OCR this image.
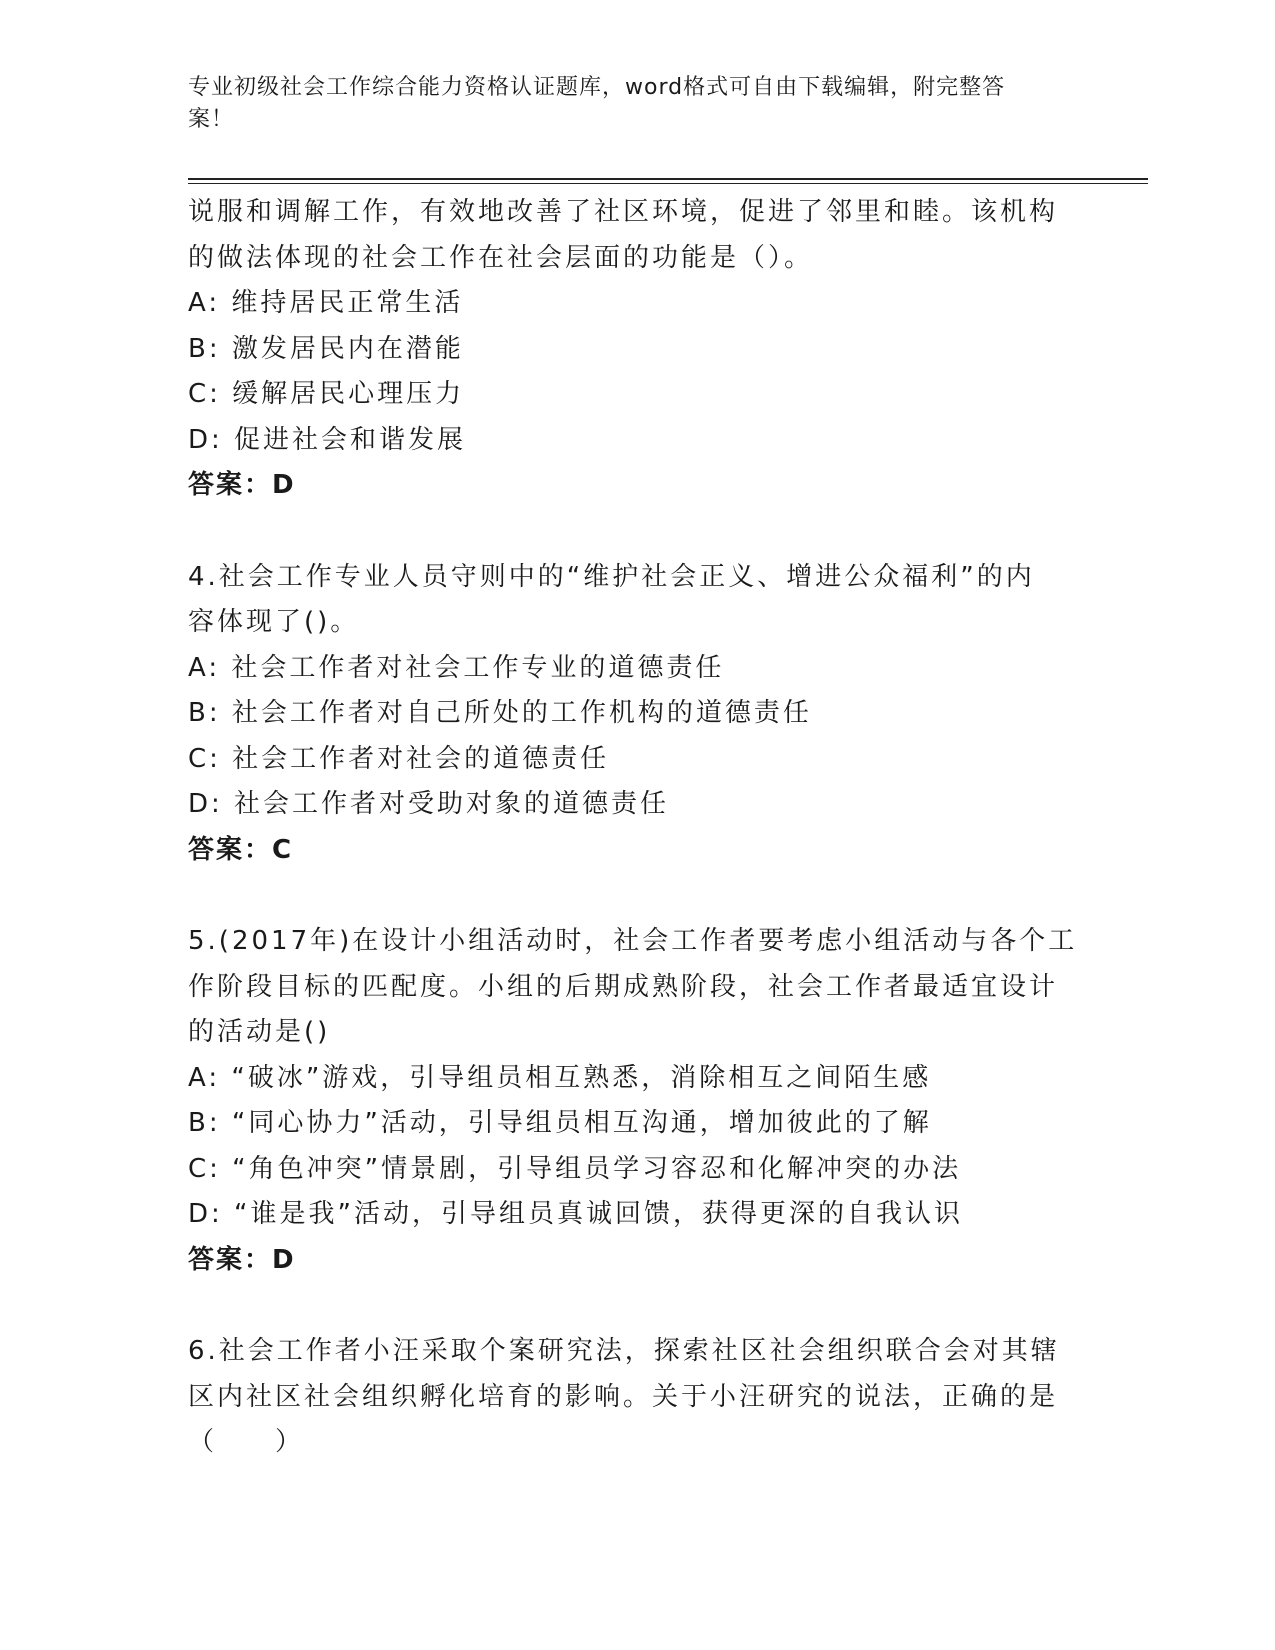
专业初级社会工作综合能力资格认证题库，word格式可自由下载编辑，附完整答
案！
说服和调解工作，有效地改善了社区环境，促进了邻里和睦。该机构
的做法体现的社会工作在社会层面的功能是（）。
A: 维持居民正常生活
B: 激发居民内在潜能
C: 缓解居民心理压力
D: 促进社会和谐发展
答案：D
4.社会工作专业人员守则中的“维护社会正义、增进公众福利”的内
容体现了()。
A: 社会工作者对社会工作专业的道德责任
B: 社会工作者对自己所处的工作机构的道德责任
C: 社会工作者对社会的道德责任
D: 社会工作者对受助对象的道德责任
答案：C
5.(2017年)在设计小组活动时，社会工作者要考虑小组活动与各个工
作阶段目标的匹配度。小组的后期成熟阶段，社会工作者最适宜设计
的活动是()
A: “破冰”游戏，引导组员相互熟悉，消除相互之间陌生感
B: “同心协力”活动，引导组员相互沟通，增加彼此的了解
C: “角色冲突”情景剧，引导组员学习容忍和化解冲突的办法
D: “谁是我”活动，引导组员真诚回馈，获得更深的自我认识
答案：D
6.社会工作者小汪采取个案研究法，探索社区社会组织联合会对其辖
区内社区社会组织孵化培育的影响。关于小汪研究的说法，正确的是
（　　）
